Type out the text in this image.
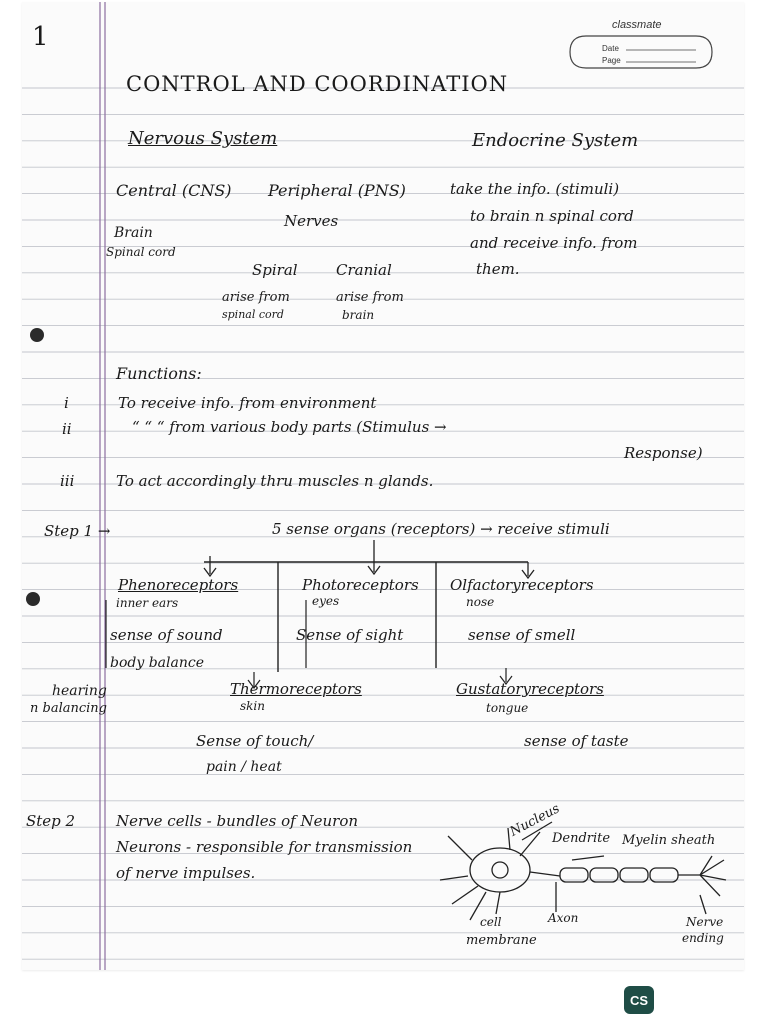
1	classmate
Date
Page
CONTROL AND COORDINATION
Nervous System	Endocrine System
Central (CNS) Peripheral (PNS)	take the info. (stimuli)
to brain n spinal cord
and receive info. from
them.
Brain
Spinal cord
Nerves
Spiral
arise from
spinal cord
Cranial
arise from
brain
Functions:
i	To receive info. from environment
ii	“ “ “ from various body parts (Stimulus →
Response)
iii	To act accordingly thru muscles n glands.
Step 1 →	5 sense organs (receptors) → receive stimuli
Phenoreceptors
inner ears
sense of sound
body balance
Photoreceptors
eyes
Sense of sight
Olfactoryreceptors
nose
sense of smell
hearing
n balancing
Thermoreceptors
skin
Sense of touch/
pain / heat
Gustatoryreceptors
tongue
sense of taste
Step 2	Nerve cells - bundles of Neuron
Neurons - responsible for transmission
of nerve impulses.
Nucleus
Dendrite Myelin sheath
cell
membrane
Axon	Nerve
ending
CS
